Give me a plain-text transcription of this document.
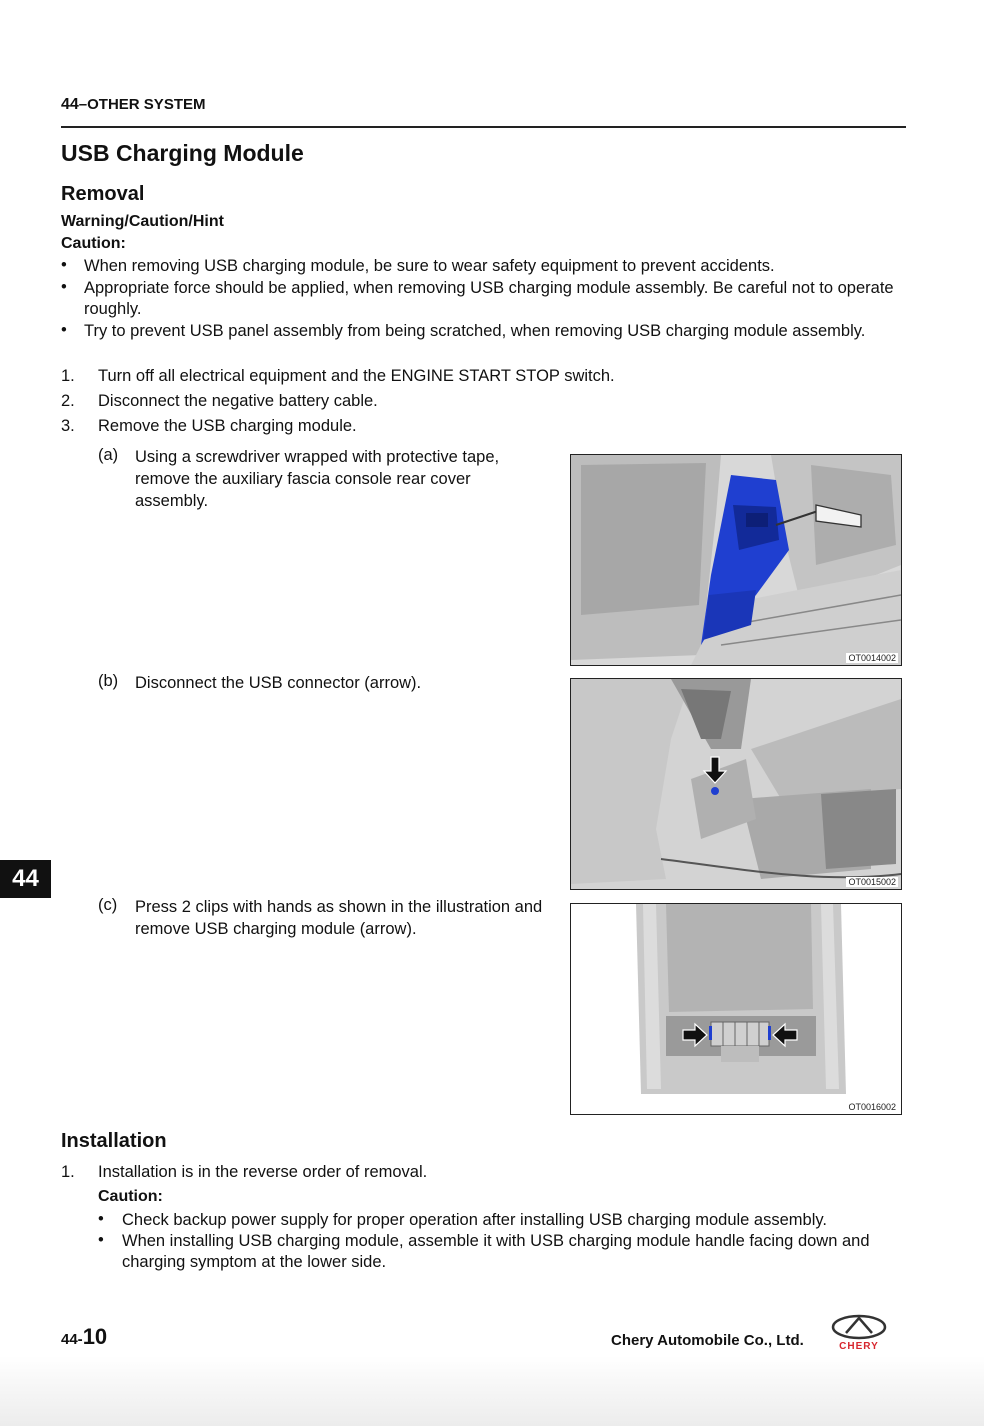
44–OTHER SYSTEM
USB Charging Module
Removal
Warning/Caution/Hint
Caution:
• When removing USB charging module, be sure to wear safety equipment to prevent accidents.
• Appropriate force should be applied, when removing USB charging module assembly. Be careful not to operate roughly.
• Try to prevent USB panel assembly from being scratched, when removing USB charging module assembly.
1. Turn off all electrical equipment and the ENGINE START STOP switch.
2. Disconnect the negative battery cable.
3. Remove the USB charging module.
(a) Using a screwdriver wrapped with protective tape, remove the auxiliary fascia console rear cover assembly.
OT0014002
(b) Disconnect the USB connector (arrow).
OT0015002
44
(c) Press 2 clips with hands as shown in the illustration and remove USB charging module (arrow).
OT0016002
Installation
1. Installation is in the reverse order of removal.
Caution:
• Check backup power supply for proper operation after installing USB charging module assembly.
• When installing USB charging module, assemble it with USB charging module handle facing down and charging symptom at the lower side.
44-10	Chery Automobile Co., Ltd.	CHERY
